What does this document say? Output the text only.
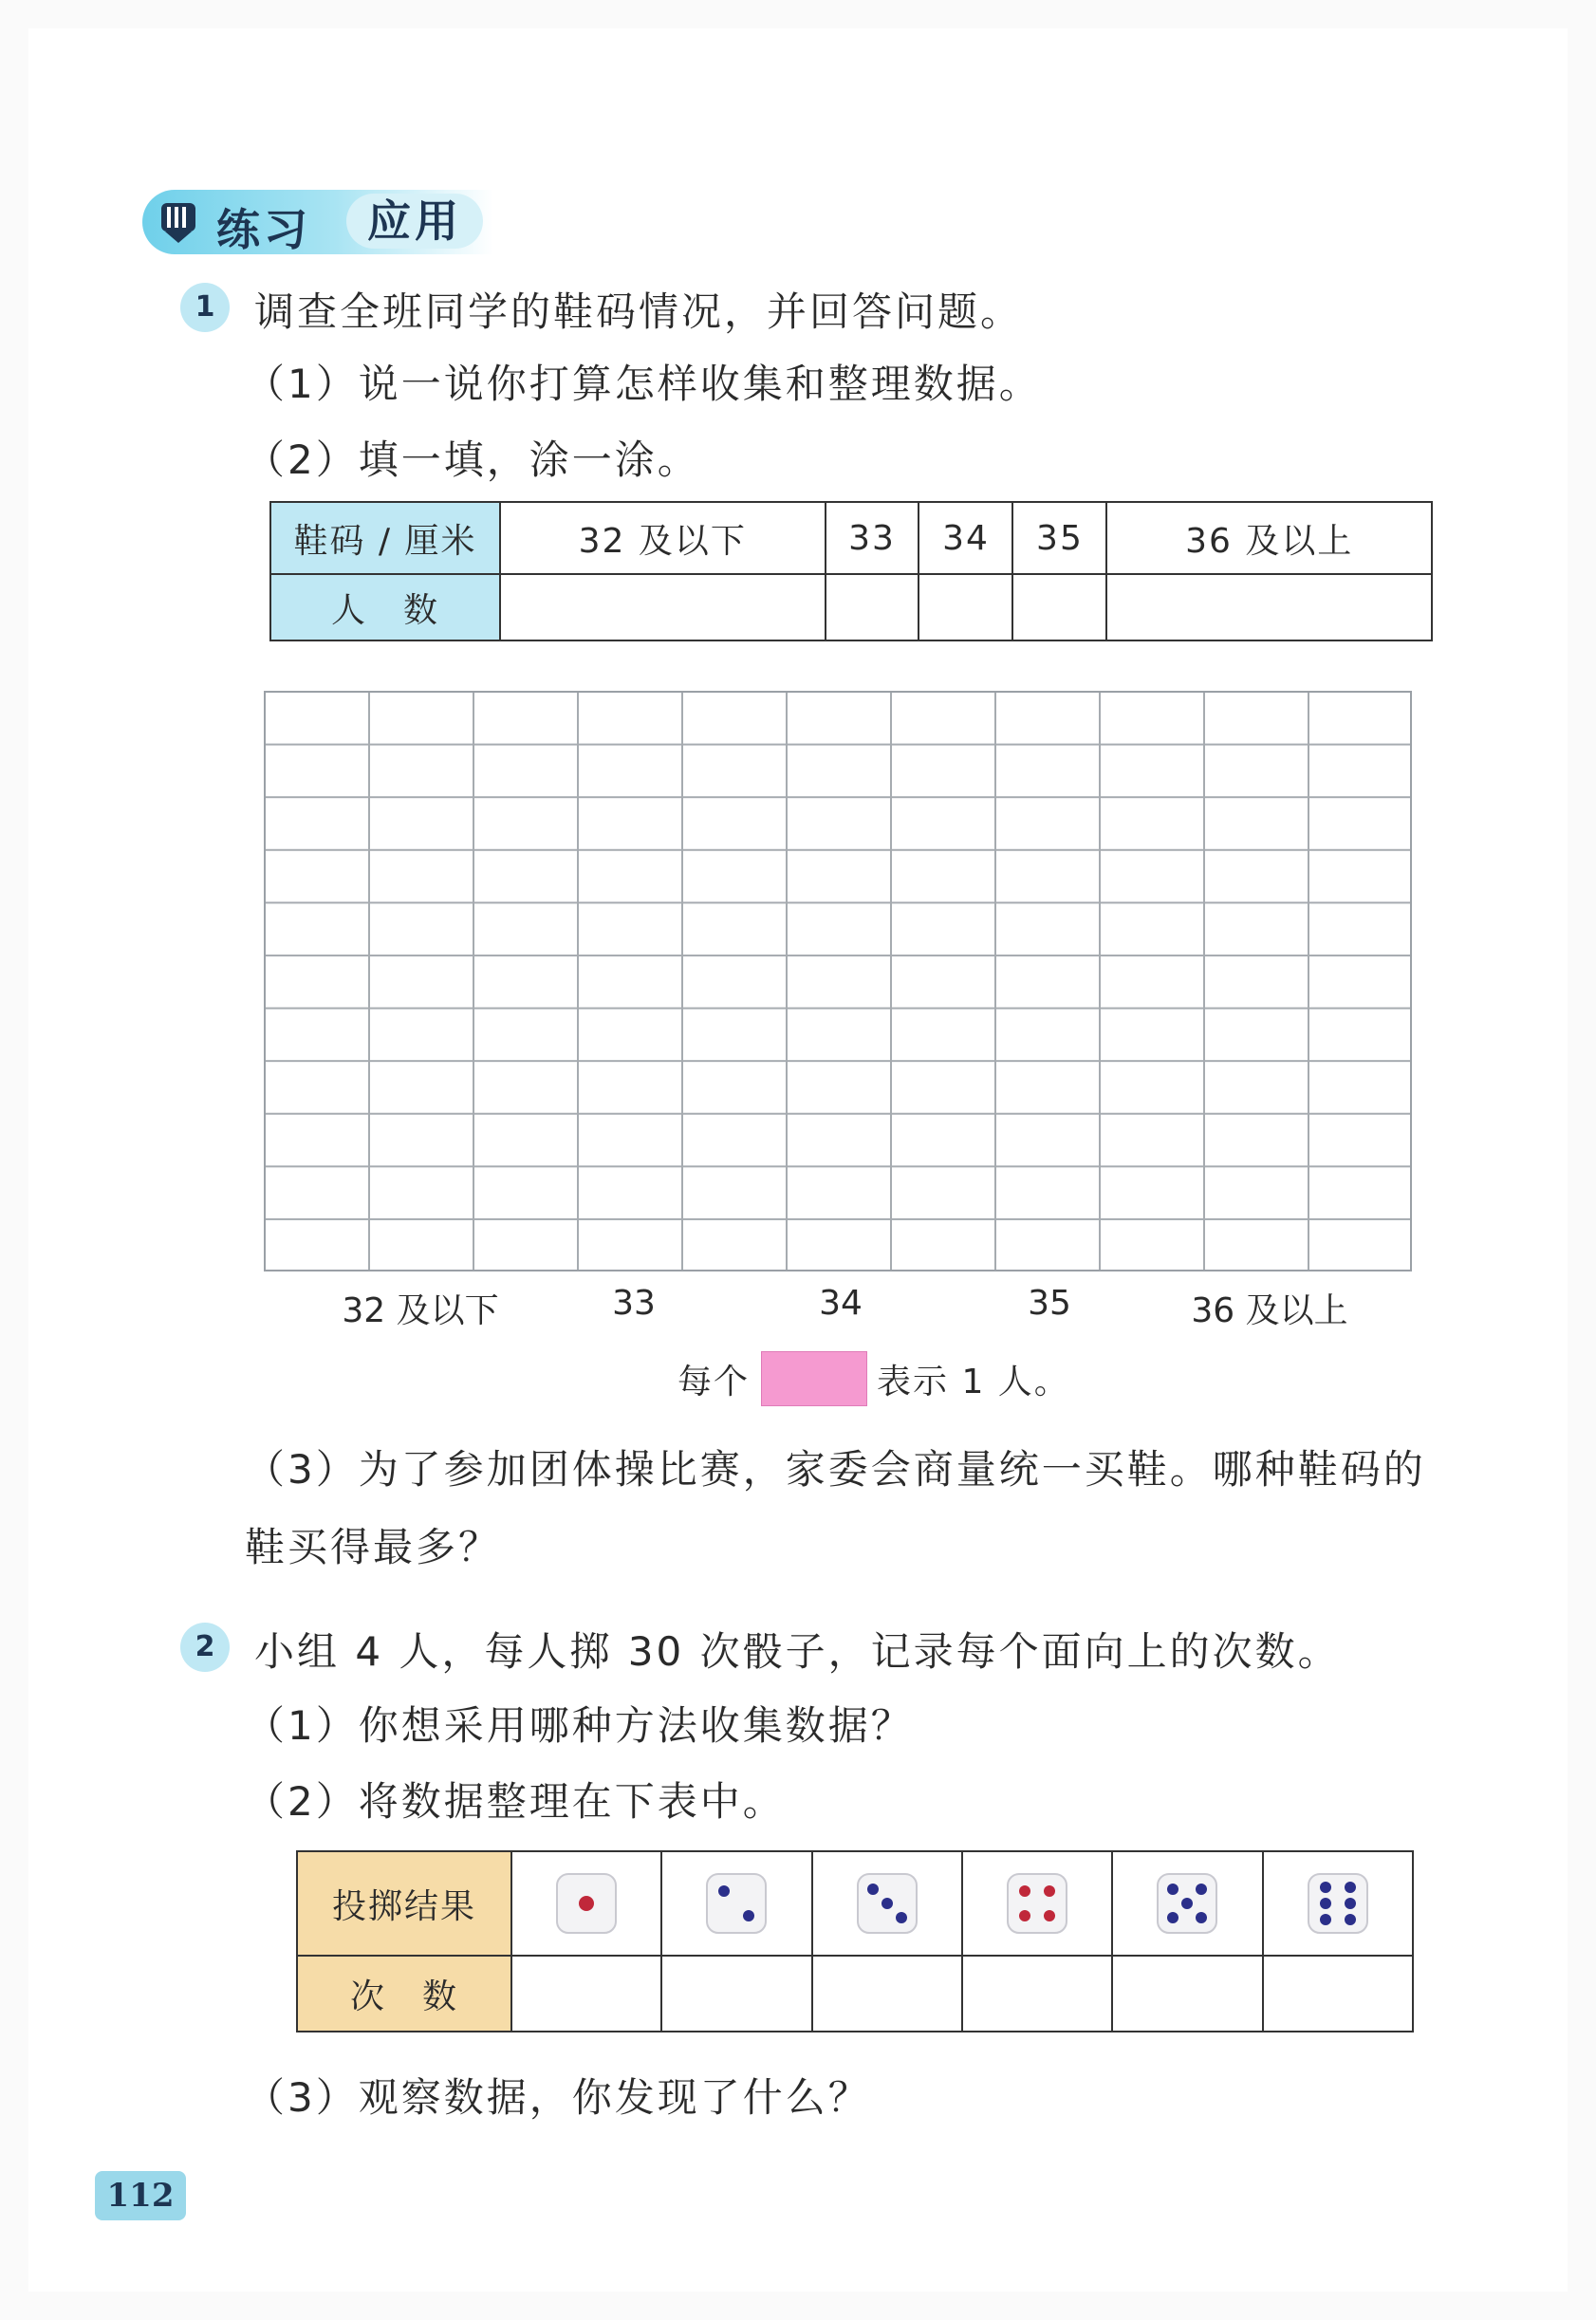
练习	应用
1 调查全班同学的鞋码情况，并回答问题。
（1）说一说你打算怎样收集和整理数据。
（2）填一填，涂一涂。
鞋码 / 厘米	32 及以下	33	34	35	36 及以上
人　数					
32 及以下	33	34	35	36 及以上
每个	表示 1 人。
（3）为了参加团体操比赛，家委会商量统一买鞋。哪种鞋码的
鞋买得最多？
2 小组 4 人，每人掷 30 次骰子，记录每个面向上的次数。
（1）你想采用哪种方法收集数据？
（2）将数据整理在下表中。
投掷结果	

次　数						
（3）观察数据，你发现了什么？
112
